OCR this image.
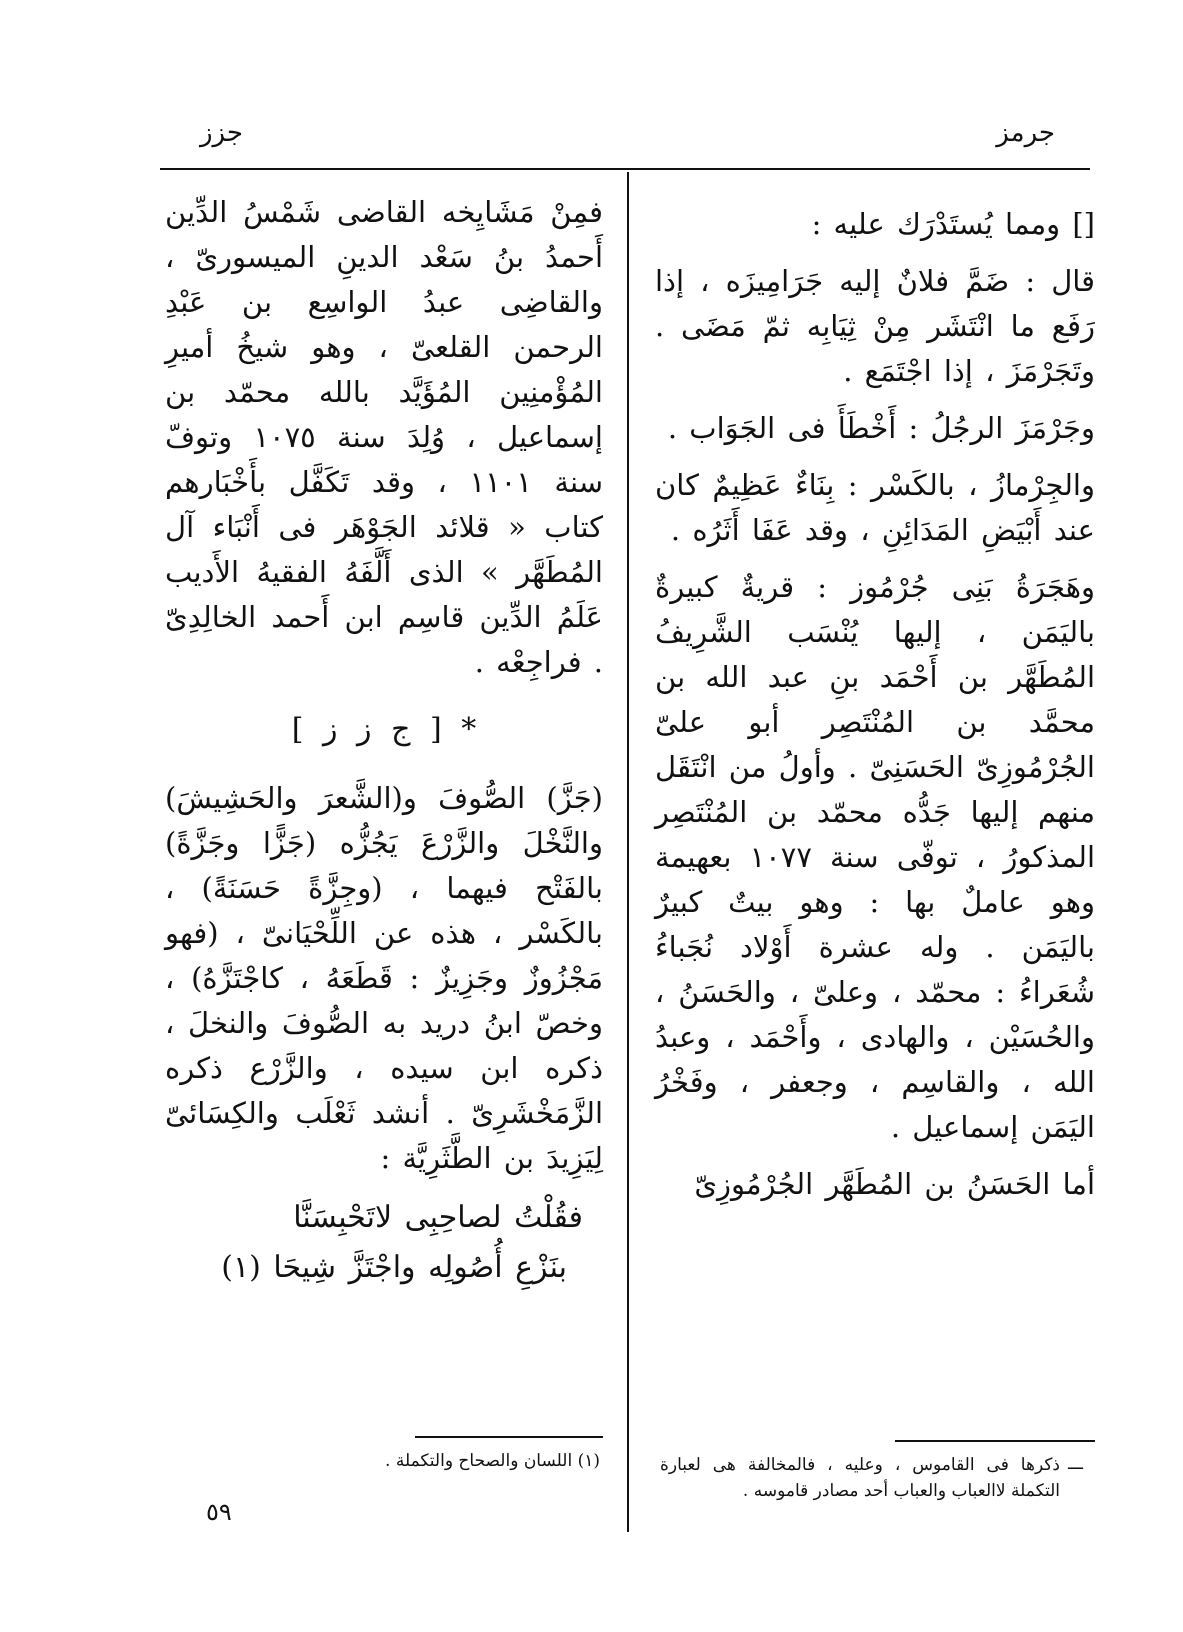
جرمز
جزز

[] ومما يُستَدْرَك عليه :

قال : ضَمَّ فلانٌ إليه جَرَامِيزَه ، إذا رَفَع ما انْتَشَر مِنْ ثِيَابِه ثمّ مَضَى . وتَجَرْمَزَ ، إذا اجْتَمَع .

وجَرْمَزَ الرجُلُ : أَخْطَأَ فى الجَوَاب .

والجِرْمازُ ، بالكَسْر : بِنَاءٌ عَظِيمٌ كان عند أَبْيَضِ المَدَائِنِ ، وقد عَفَا أَثَرُه .

وهَجَرَةُ بَنِى جُرْمُوز : قريةٌ كبيرةٌ باليَمَن ، إليها يُنْسَب الشَّرِيفُ المُطَهَّر بن أَحْمَد بنِ عبد الله بن محمَّد بن المُنْتَصِر أبو علىّ الجُرْمُوزِىّ الحَسَنِىّ . وأولُ من انْتَقَل منهم إليها جَدُّه محمّد بن المُنْتَصِر المذكورُ ، توفّى سنة ١٠٧٧ بعهيمة وهو عاملٌ بها : وهو بيتٌ كبيرٌ باليَمَن . وله عشرة أَوْلاد نُجَباءُ شُعَراءُ : محمّد ، وعلىّ ، والحَسَنُ ، والحُسَيْن ، والهادى ، وأَحْمَد ، وعبدُ الله ، والقاسِم ، وجعفر ، وفَخْرُ اليَمَن إسماعيل .

أما الحَسَنُ بن المُطَهَّر الجُرْمُوزِىّ

فمِنْ مَشَايِخه القاضى شَمْسُ الدِّين أَحمدُ بنُ سَعْد الدينِ الميسورىّ ، والقاضِى عبدُ الواسِع بن عَبْدِ الرحمن القلعىّ ، وهو شيخُ أميرِ المُؤْمنِين المُؤَيَّد بالله محمّد بن إسماعيل ، وُلِدَ سنة ١٠٧٥ وتوفّ سنة ١١٠١ ، وقد تَكَفَّل بأَخْبَارهم كتاب « قلائد الجَوْهَر فى أَنْبَاء آل المُطَهَّر » الذى أَلَّفَهُ الفقيهُ الأَديب عَلَمُ الدِّين قاسِم ابن أَحمد الخالِدِىّ . فراجِعْه .

* [ ج ز ز ]

(جَزَّ) الصُّوفَ و(الشَّعرَ والحَشِيشَ) والنَّخْلَ والزَّرْعَ يَجُزُّه (جَزًّا وجَزَّةً) بالفَتْح فيهما ، (وجِزَّةً حَسَنَةً) ، بالكَسْر ، هذه عن اللِّحْيَانىّ ، (فهو مَجْزُوزٌ وجَزِيزٌ : قَطَعَهُ ، كاجْتَزَّهُ) ، وخصّ ابنُ دريد به الصُّوفَ والنخلَ ، ذكره ابن سيده ، والزَّرْع ذكره الزَّمَخْشَرِىّ . أنشد ثَعْلَب والكِسَائىّ لِيَزِيدَ بن الطَّثَرِيَّة :

فقُلْتُ لصاحِبِى لاتَحْبِسَنَّا
بنَزْعِ أُصُولِه واجْتَزَّ شِيحَا (١)

ـــ
ذكرها فى القاموس ، وعليه ، فالمخالفة هى لعبارة التكملة لاالعباب والعباب أحد مصادر قاموسه .
(١) اللسان والصحاح والتكملة .
٥٩
